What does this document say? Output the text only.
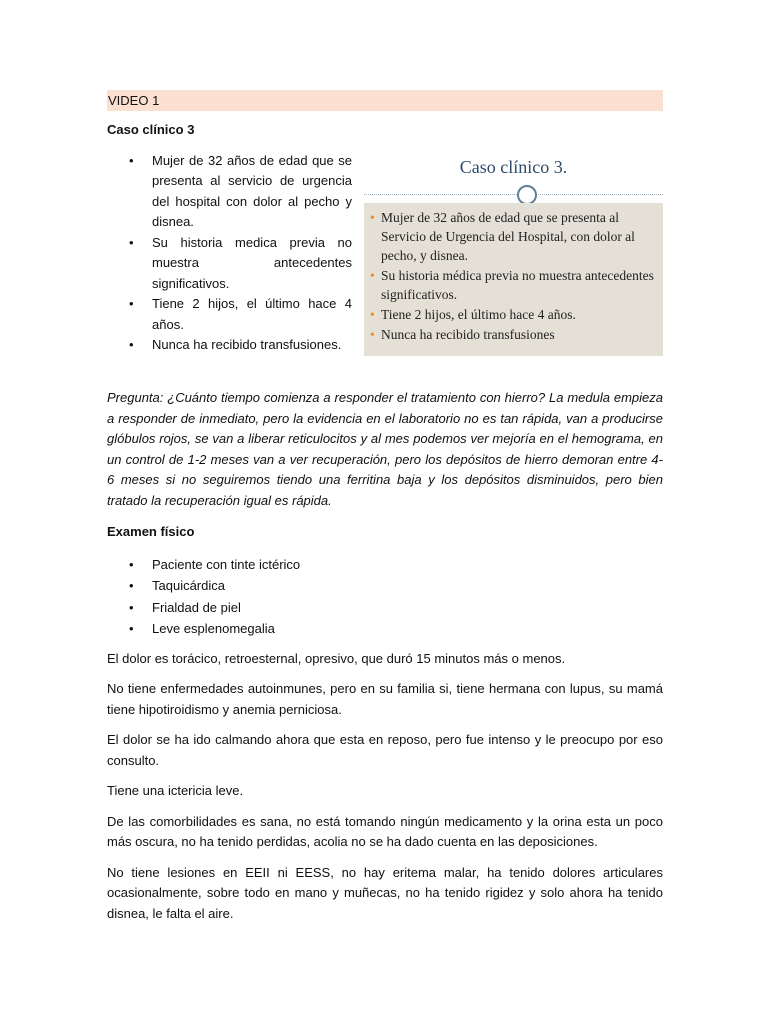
VIDEO 1

Caso clínico 3

• Mujer de 32 años de edad que se presenta al servicio de urgencia del hospital con dolor al pecho y disnea.
• Su historia medica previa no muestra antecedentes significativos.
• Tiene 2 hijos, el último hace 4 años.
• Nunca ha recibido transfusiones.
Caso clínico 3.
• Mujer de 32 años de edad que se presenta al Servicio de Urgencia del Hospital, con dolor al pecho, y disnea.
• Su historia médica previa no muestra antecedentes significativos.
• Tiene 2 hijos, el último hace 4 años.
• Nunca ha recibido transfusiones

Pregunta: ¿Cuánto tiempo comienza a responder el tratamiento con hierro? La medula empieza a responder de inmediato, pero la evidencia en el laboratorio no es tan rápida, van a producirse glóbulos rojos, se van a liberar reticulocitos y al mes podemos ver mejoría en el hemograma, en un control de 1-2 meses van a ver recuperación, pero los depósitos de hierro demoran entre 4- 6 meses si no seguiremos tiendo una ferritina baja y los depósitos disminuidos, pero bien tratado la recuperación igual es rápida.

Examen físico

• Paciente con tinte ictérico
• Taquicárdica
• Frialdad de piel
• Leve esplenomegalia

El dolor es torácico, retroesternal, opresivo, que duró 15 minutos más o menos.

No tiene enfermedades autoinmunes, pero en su familia si, tiene hermana con lupus, su mamá tiene hipotiroidismo y anemia perniciosa.

El dolor se ha ido calmando ahora que esta en reposo, pero fue intenso y le preocupo por eso consulto.

Tiene una ictericia leve.

De las comorbilidades es sana, no está tomando ningún medicamento y la orina esta un poco más oscura, no ha tenido perdidas, acolia no se ha dado cuenta en las deposiciones.

No tiene lesiones en EEII ni EESS, no hay eritema malar, ha tenido dolores articulares ocasionalmente, sobre todo en mano y muñecas, no ha tenido rigidez y solo ahora ha tenido disnea, le falta el aire.
